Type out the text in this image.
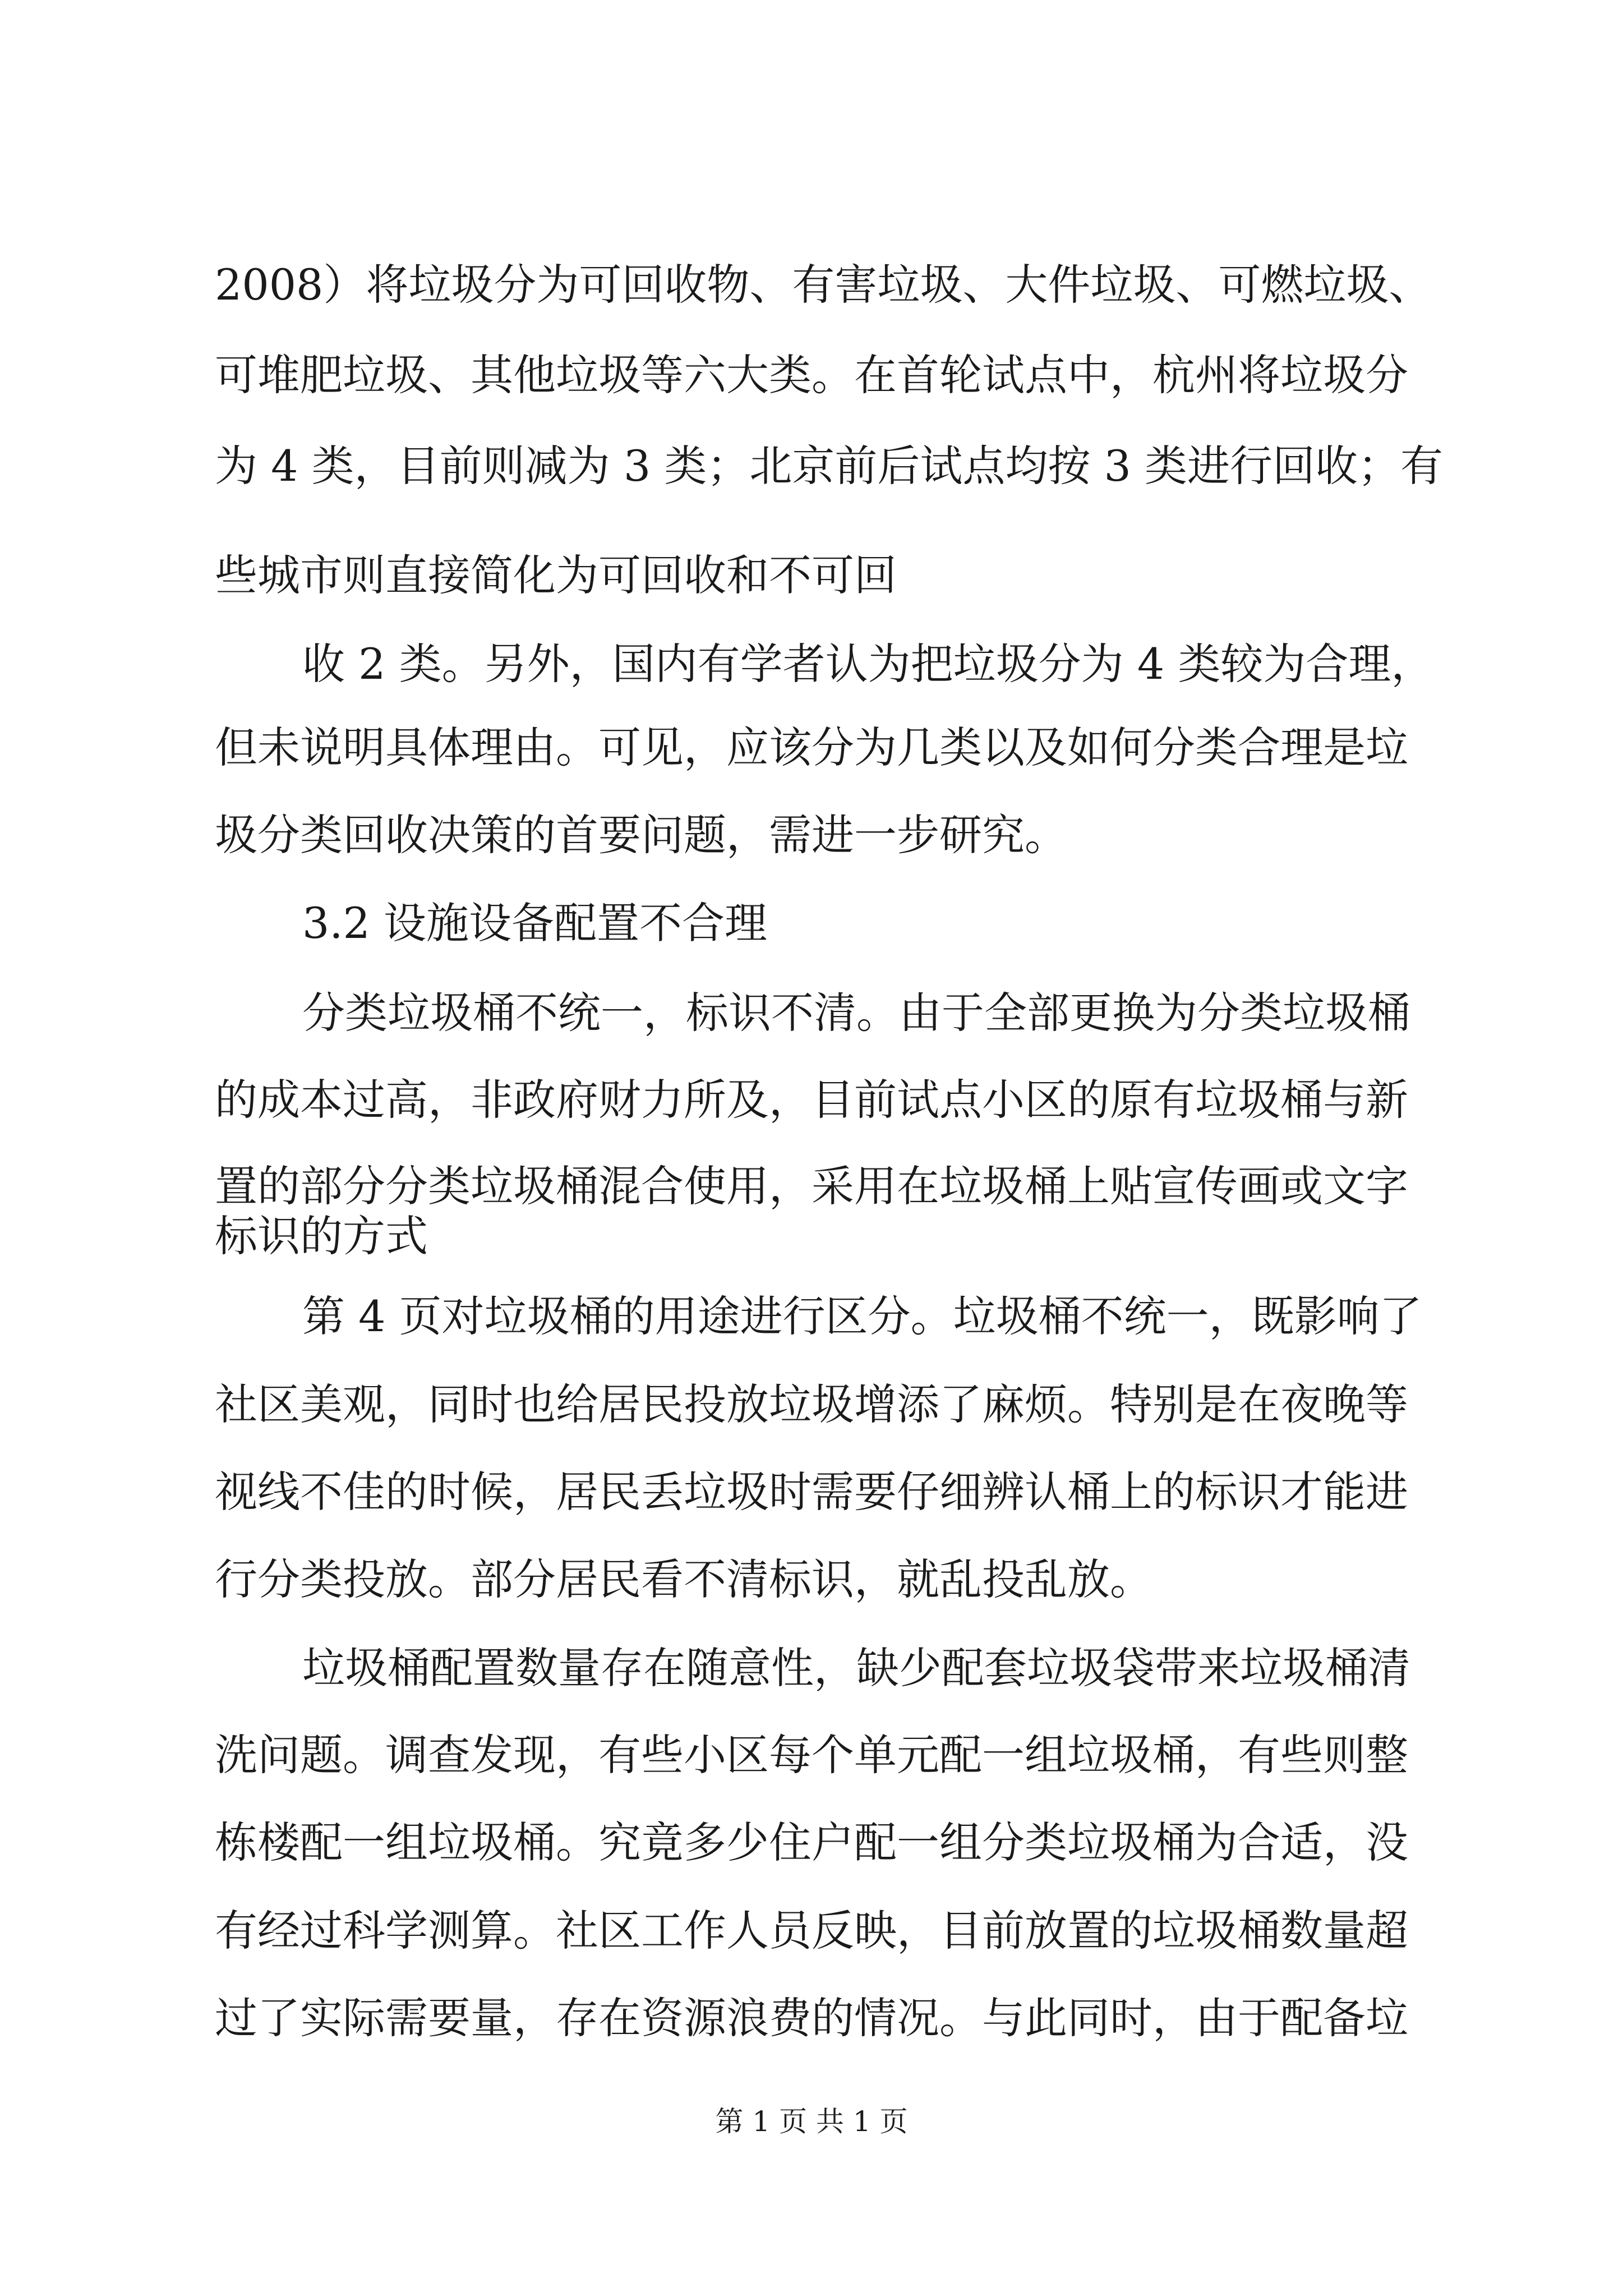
2008）将垃圾分为可回收物、有害垃圾、大件垃圾、可燃垃圾、

可堆肥垃圾、其他垃圾等六大类。在首轮试点中，杭州将垃圾分

为 4 类，目前则减为 3 类；北京前后试点均按 3 类进行回收；有

些城市则直接简化为可回收和不可回

收 2 类。另外，国内有学者认为把垃圾分为 4 类较为合理，

但未说明具体理由。可见，应该分为几类以及如何分类合理是垃

圾分类回收决策的首要问题，需进一步研究。

3.2 设施设备配置不合理

分类垃圾桶不统一，标识不清。由于全部更换为分类垃圾桶

的成本过高，非政府财力所及，目前试点小区的原有垃圾桶与新

置的部分分类垃圾桶混合使用，采用在垃圾桶上贴宣传画或文字

标识的方式

第 4 页对垃圾桶的用途进行区分。垃圾桶不统一，既影响了

社区美观，同时也给居民投放垃圾增添了麻烦。特别是在夜晚等

视线不佳的时候，居民丢垃圾时需要仔细辨认桶上的标识才能进

行分类投放。部分居民看不清标识，就乱投乱放。

垃圾桶配置数量存在随意性，缺少配套垃圾袋带来垃圾桶清

洗问题。调查发现，有些小区每个单元配一组垃圾桶，有些则整

栋楼配一组垃圾桶。究竟多少住户配一组分类垃圾桶为合适，没

有经过科学测算。社区工作人员反映，目前放置的垃圾桶数量超

过了实际需要量，存在资源浪费的情况。与此同时，由于配备垃

第 1 页 共 1 页
